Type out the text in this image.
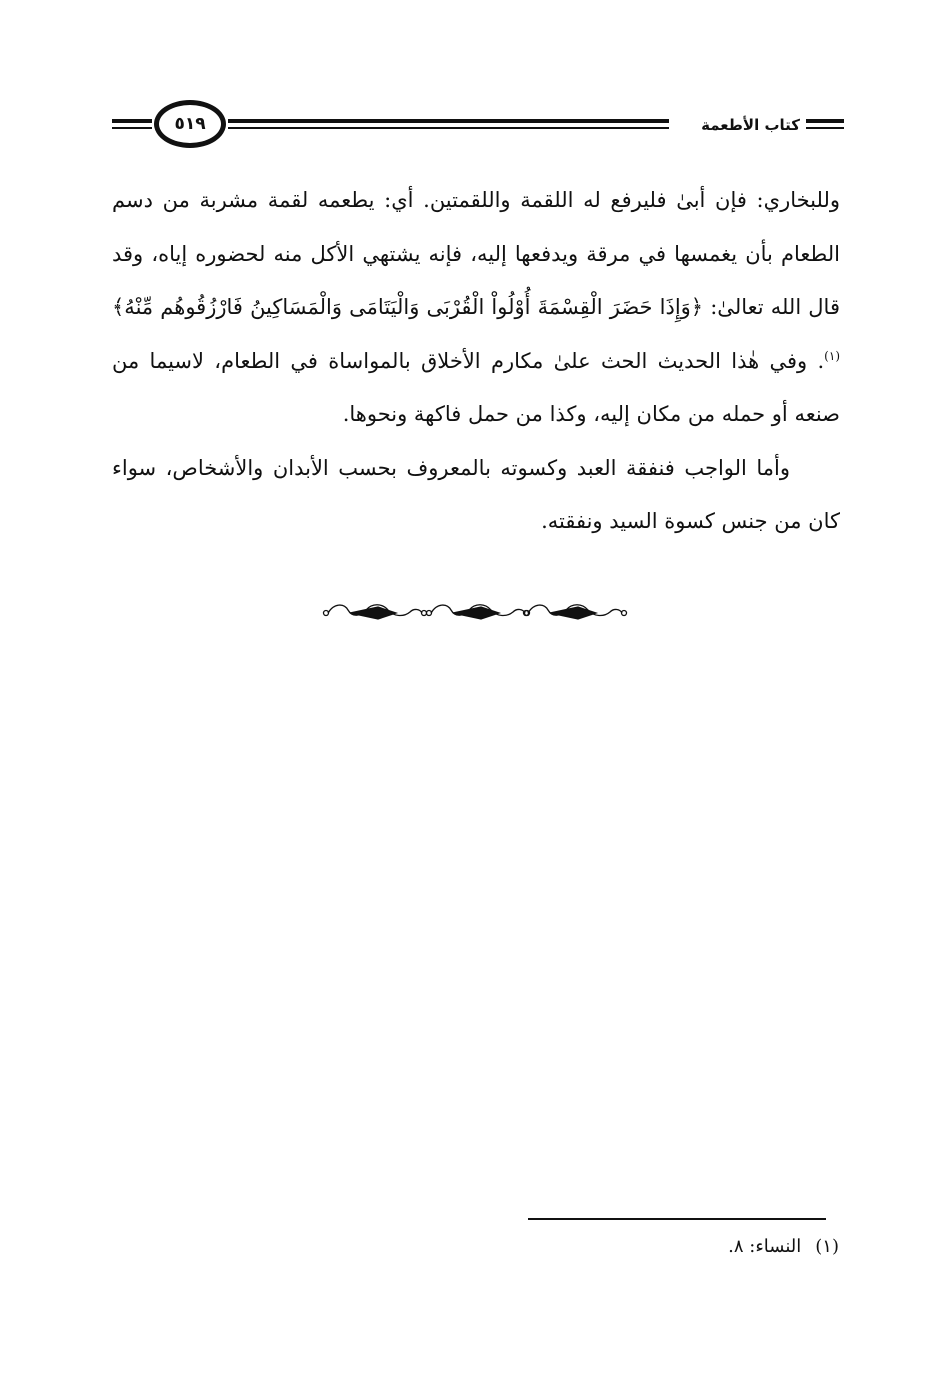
٥١٩	كتاب الأطعمة

وللبخاري: فإن أبىٰ فليرفع له اللقمة واللقمتين. أي: يطعمه لقمة مشربة من دسم الطعام بأن يغمسها في مرقة ويدفعها إليه، فإنه يشتهي الأكل منه لحضوره إياه، وقد قال الله تعالىٰ: ﴿وَإِذَا حَضَرَ الْقِسْمَةَ أُوْلُواْ الْقُرْبَى وَالْيَتَامَى وَالْمَسَاكِينُ فَارْزُقُوهُم مِّنْهُ﴾$^{(١)}$. وفي هٰذا الحديث الحث علىٰ مكارم الأخلاق بالمواساة في الطعام، لاسيما من صنعه أو حمله من مكان إليه، وكذا من حمل فاكهة ونحوها.

وأما الواجب فنفقة العبد وكسوته بالمعروف بحسب الأبدان والأشخاص، سواء كان من جنس كسوة السيد ونفقته.

(١)النساء: ٨.
